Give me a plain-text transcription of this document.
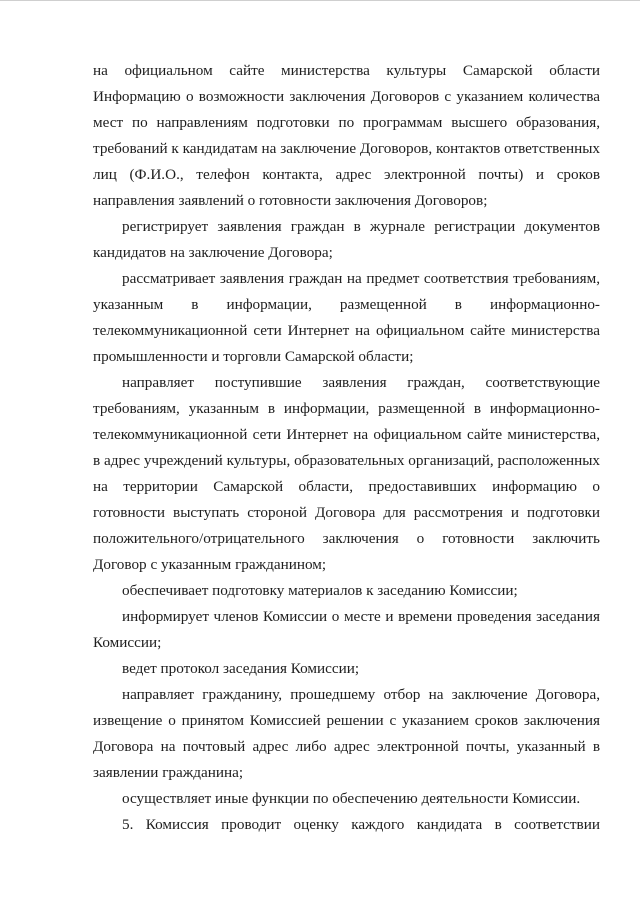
на официальном сайте министерства культуры Самарской области Информацию о возможности заключения Договоров с указанием количества мест по направлениям подготовки по программам высшего образования, требований к кандидатам на заключение Договоров, контактов ответственных лиц (Ф.И.О., телефон контакта, адрес электронной почты) и сроков направления заявлений о готовности заключения Договоров;

регистрирует заявления граждан в журнале регистрации документов кандидатов на заключение Договора;

рассматривает заявления граждан на предмет соответствия требованиям, указанным в информации, размещенной в информационно-телекоммуникационной сети Интернет на официальном сайте министерства промышленности и торговли Самарской области;

направляет поступившие заявления граждан, соответствующие требованиям, указанным в информации, размещенной в информационно-телекоммуникационной сети Интернет на официальном сайте министерства, в адрес учреждений культуры, образовательных организаций, расположенных на территории Самарской области, предоставивших информацию о готовности выступать стороной Договора для рассмотрения и подготовки положительного/отрицательного заключения о готовности заключить Договор с указанным гражданином;

обеспечивает подготовку материалов к заседанию Комиссии;

информирует членов Комиссии о месте и времени проведения заседания Комиссии;

ведет протокол заседания Комиссии;

направляет гражданину, прошедшему отбор на заключение Договора, извещение о принятом Комиссией решении с указанием сроков заключения Договора на почтовый адрес либо адрес электронной почты, указанный в заявлении гражданина;

осуществляет иные функции по обеспечению деятельности Комиссии.

5. Комиссия проводит оценку каждого кандидата в соответствии
